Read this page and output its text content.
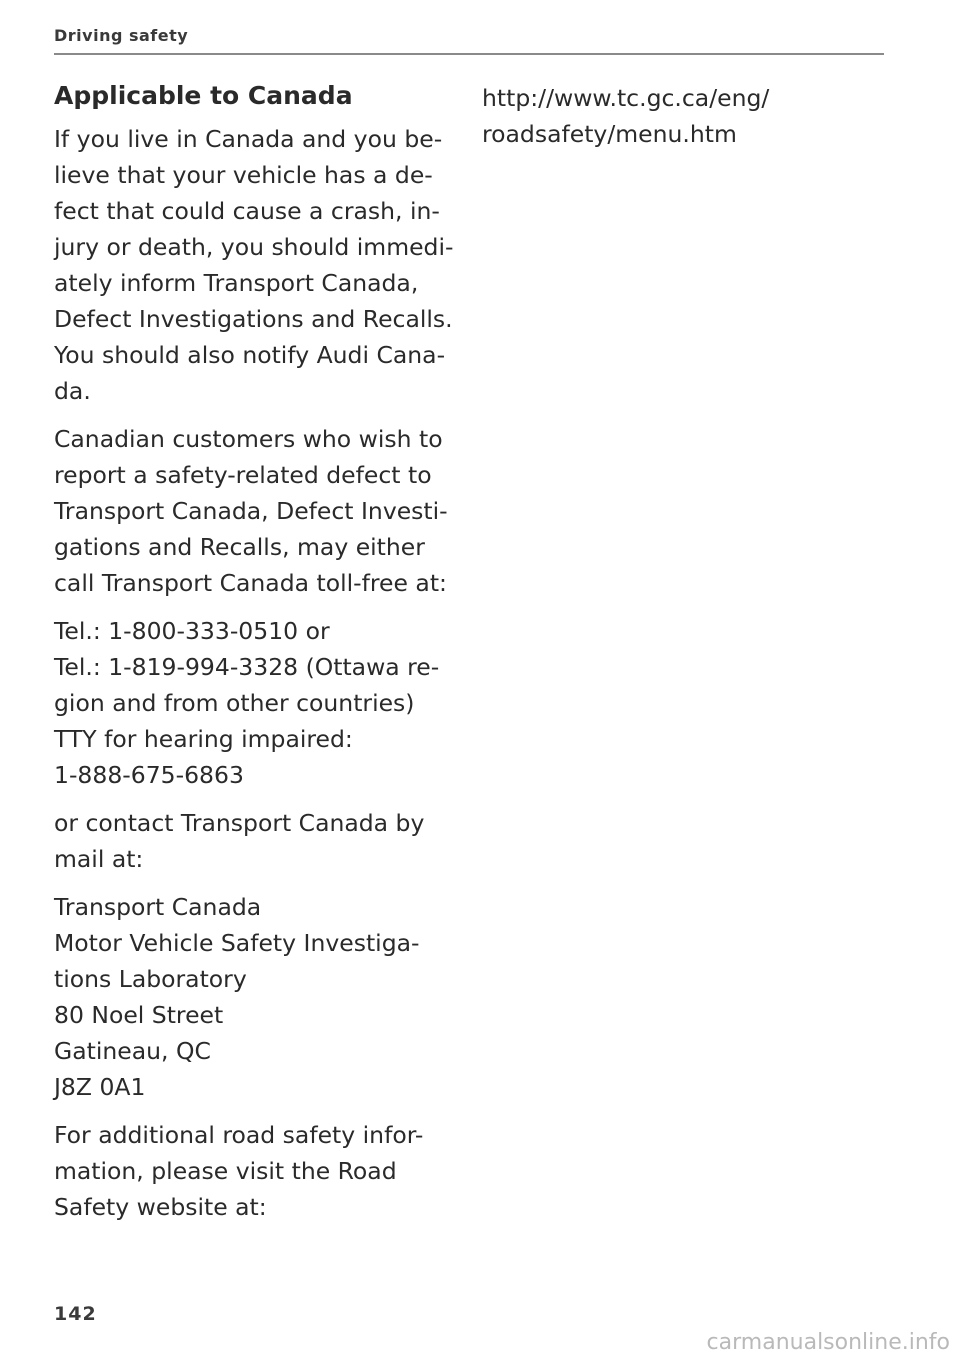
Driving safety
Applicable to Canada

If you live in Canada and you be-
lieve that your vehicle has a de-
fect that could cause a crash, in-
jury or death, you should immedi-
ately inform Transport Canada,
Defect Investigations and Recalls.
You should also notify Audi Cana-
da.

Canadian customers who wish to
report a safety-related defect to
Transport Canada, Defect Investi-
gations and Recalls, may either
call Transport Canada toll-free at:

Tel.: 1-800-333-0510 or
Tel.: 1-819-994-3328 (Ottawa re-
gion and from other countries)
TTY for hearing impaired:
1-888-675-6863

or contact Transport Canada by
mail at:

Transport Canada
Motor Vehicle Safety Investiga-
tions Laboratory
80 Noel Street
Gatineau, QC
J8Z 0A1

For additional road safety infor-
mation, please visit the Road
Safety website at:

http://www.tc.gc.ca/eng/
roadsafety/menu.htm

142
carmanualsonline.info
